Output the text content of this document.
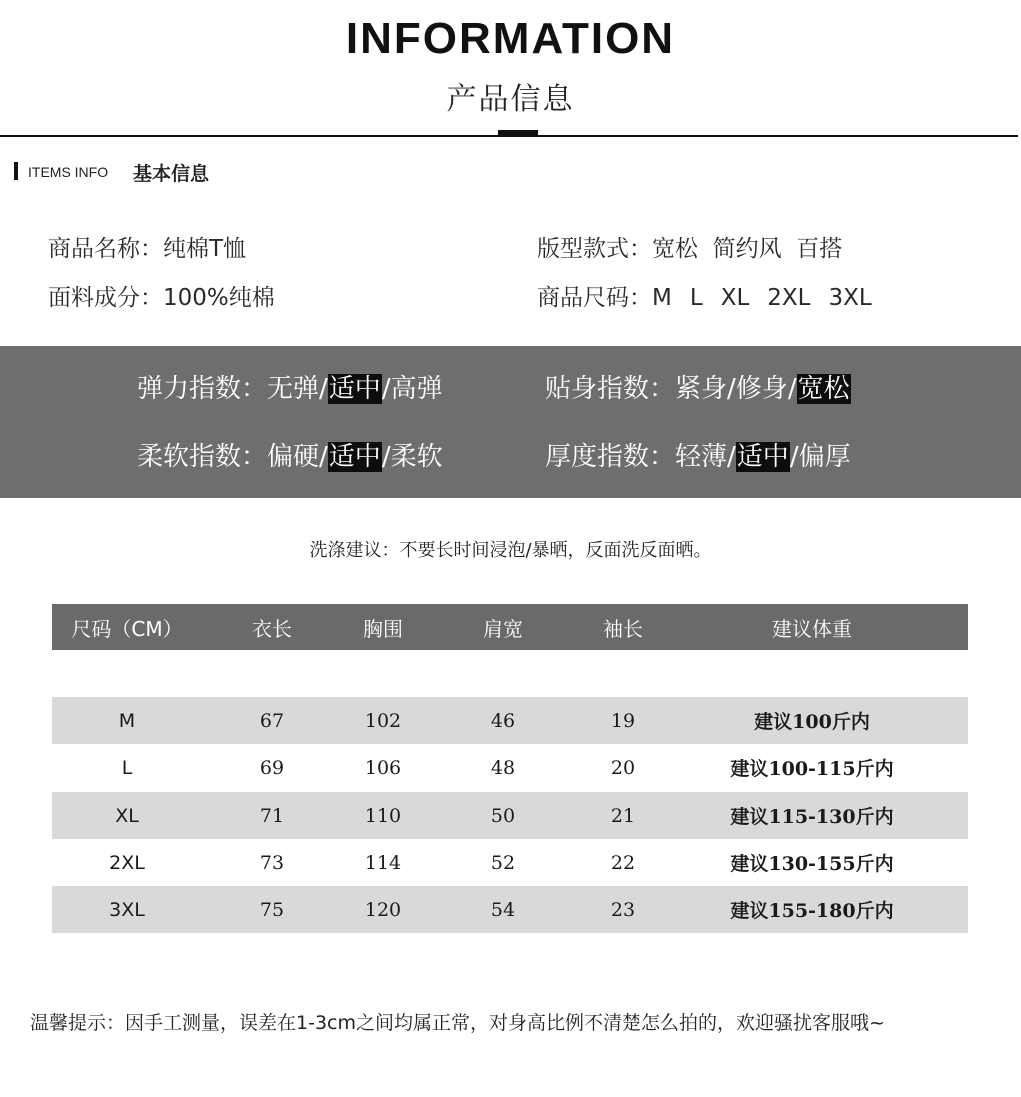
INFORMATION
产品信息
ITEMS INFO 基本信息
商品名称：纯棉T恤	版型款式：宽松  简约风  百搭
面料成分：100%纯棉	商品尺码：M L XL 2XL 3XL
弹力指数：无弹/适中/高弹	贴身指数：紧身/修身/宽松
柔软指数：偏硬/适中/柔软	厚度指数：轻薄/适中/偏厚
洗涤建议：不要长时间浸泡/暴晒，反面洗反面晒。
尺码（CM）	衣长	胸围	肩宽	袖长	建议体重
M	67	102	46	19	建议100斤内
L	69	106	48	20	建议100-115斤内
XL	71	110	50	21	建议115-130斤内
2XL	73	114	52	22	建议130-155斤内
3XL	75	120	54	23	建议155-180斤内
温馨提示：因手工测量，误差在1-3cm之间均属正常，对身高比例不清楚怎么拍的，欢迎骚扰客服哦~
